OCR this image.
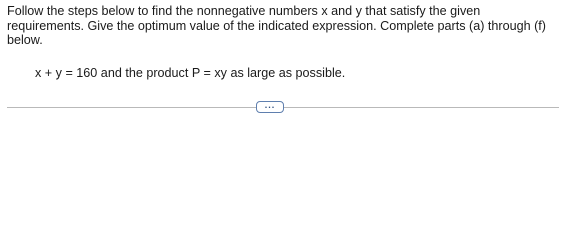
Follow the steps below to find the nonnegative numbers x and y that satisfy the given requirements. Give the optimum value of the indicated expression. Complete parts (a) through (f) below.

x + y = 160 and the product P = xy as large as possible.

...
